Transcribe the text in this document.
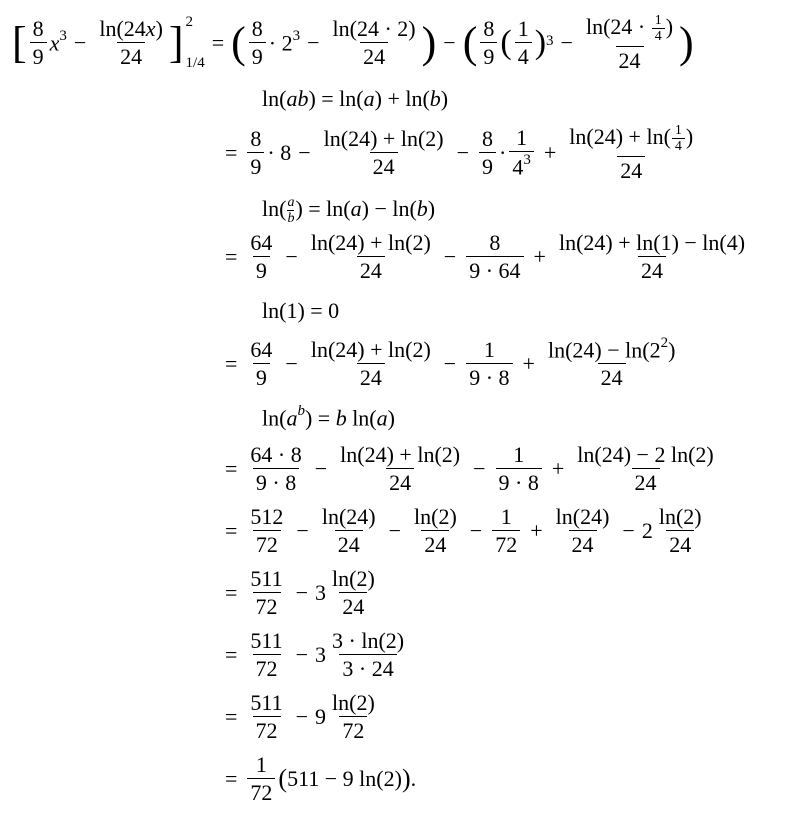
[ $\frac{8}{9} x^3 - \frac{\ln(24x)}{24}$ ] 2
1/4
= ( $\frac{8}{9} \cdot 2^3 - \frac{\ln(24 \cdot 2)}{24}$ ) − ( $\frac{8}{9}$ ( $\frac{1}{4} )^3 - \frac{\ln(24 \cdot \frac{1}{4} )}{24}$ )
ln(ab) = ln(a) + ln(b)
= $\frac{8}{9} \cdot 8 - \frac{\ln(24) + \ln(2)}{24} - \frac{8}{9} \cdot \frac{1}{4^3} + \frac{\ln(24) + \ln( \frac{1}{4} )}{24}$
$\ln( \frac{a}{b}$ ) = ln(a) − ln(b)
= $\frac{64}{9} - \frac{\ln(24) + \ln(2)}{24} - \frac{8}{9 \cdot 64} + \frac{\ln(24) + \ln(1) - \ln(4)}{24}$
ln(1) = 0
= $\frac{64}{9} - \frac{\ln(24) + \ln(2)}{24} - \frac{1}{9 \cdot 8} + \frac{\ln(24) - \ln(2^2)}{24}$
$\ln(a^b) = b$ ln(a)
= $\frac{64 \cdot 8}{9 \cdot 8} - \frac{\ln(24) + \ln(2)}{24} - \frac{1}{9 \cdot 8} + \frac{\ln(24) - 2 \ln(2)}{24}$
= $\frac{512}{72} - \frac{\ln(24)}{24} - \frac{\ln(2)}{24} - \frac{1}{72} + \frac{\ln(24)}{24} - 2 \frac{\ln(2)}{24}$
= $\frac{511}{72} - 3 \frac{\ln(2)}{24}$
= $\frac{511}{72} - 3 \frac{3 \cdot \ln(2)}{3 \cdot 24}$
= $\frac{511}{72} - 9 \frac{\ln(2)}{72}$
= $\frac{1}{72}$ ( 511 − 9 ln(2) ) .
